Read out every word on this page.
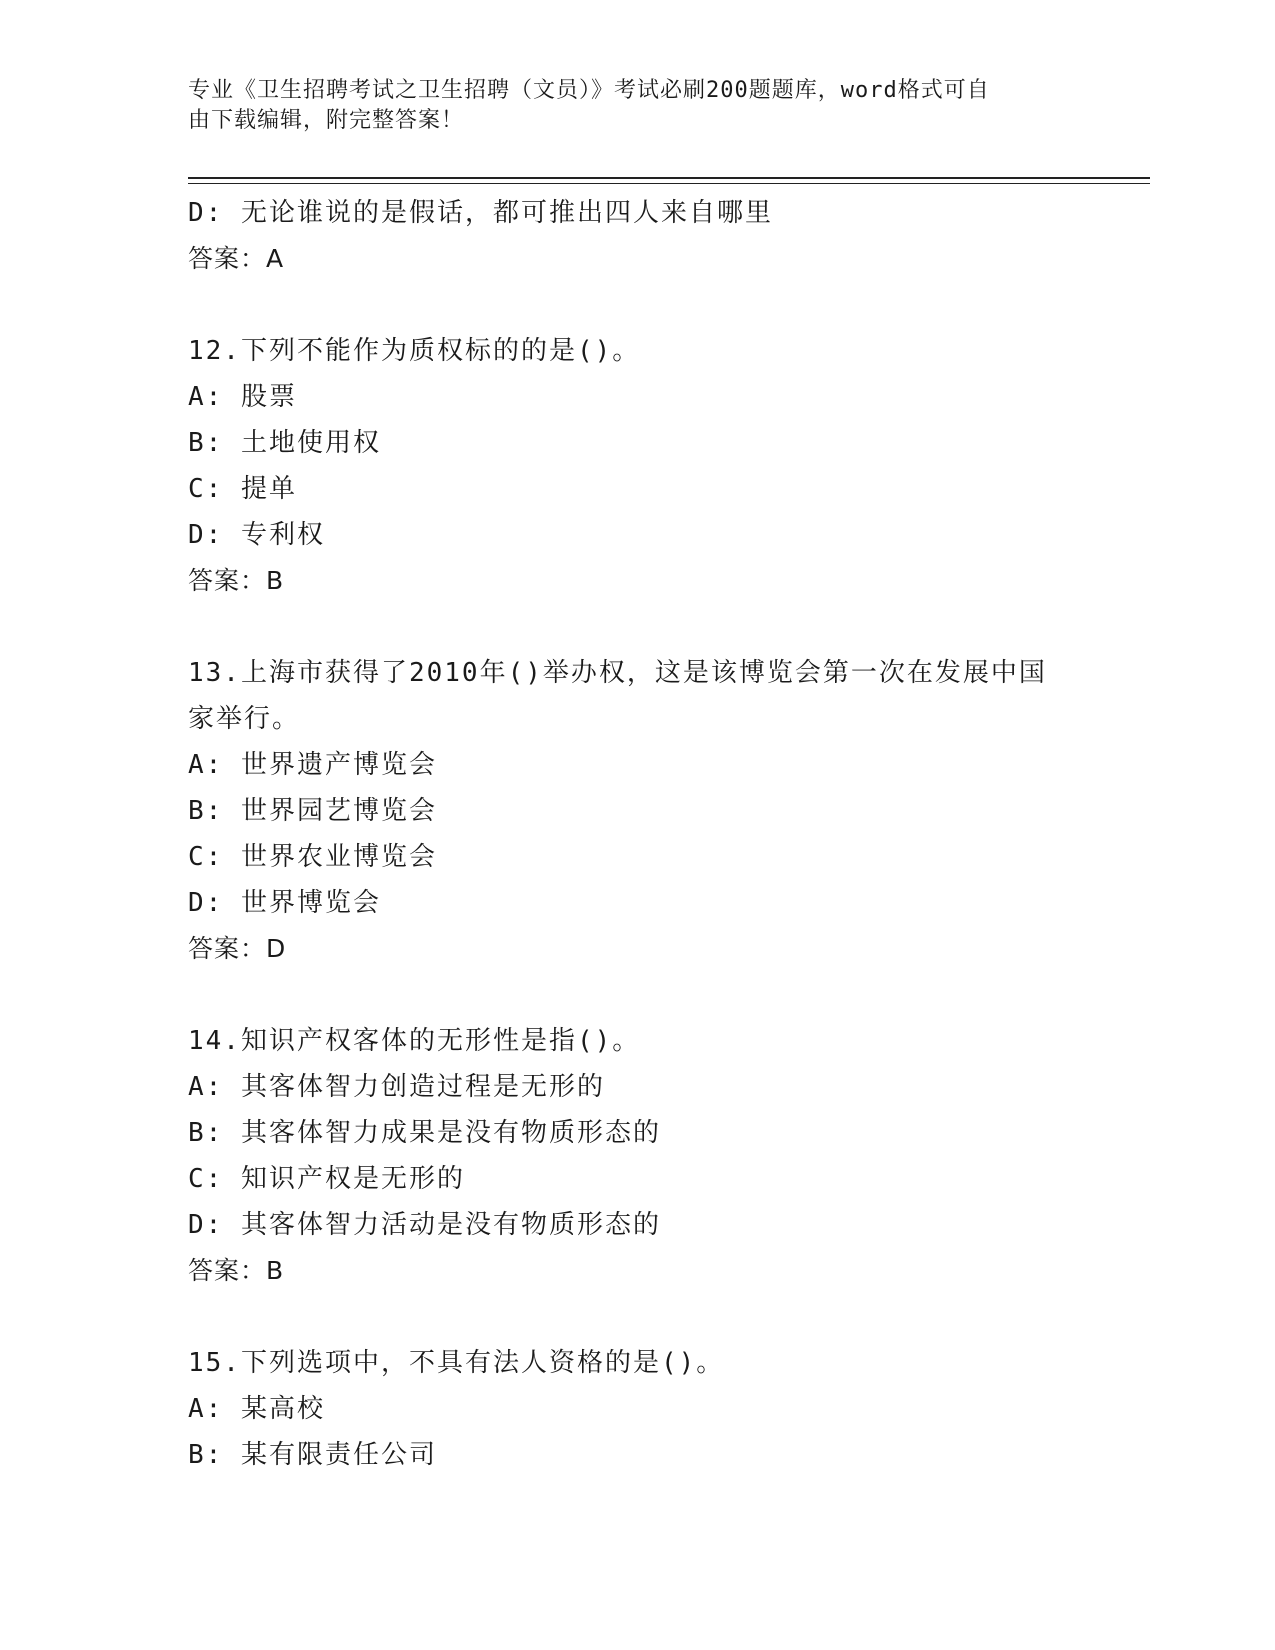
专业《卫生招聘考试之卫生招聘（文员）》考试必刷200题题库，word格式可自
由下载编辑，附完整答案！
D: 无论谁说的是假话，都可推出四人来自哪里
答案：A
12.下列不能作为质权标的的是()。
A: 股票
B: 土地使用权
C: 提单
D: 专利权
答案：B
13.上海市获得了2010年()举办权，这是该博览会第一次在发展中国
家举行。
A: 世界遗产博览会
B: 世界园艺博览会
C: 世界农业博览会
D: 世界博览会
答案：D
14.知识产权客体的无形性是指()。
A: 其客体智力创造过程是无形的
B: 其客体智力成果是没有物质形态的
C: 知识产权是无形的
D: 其客体智力活动是没有物质形态的
答案：B
15.下列选项中，不具有法人资格的是()。
A: 某高校
B: 某有限责任公司
